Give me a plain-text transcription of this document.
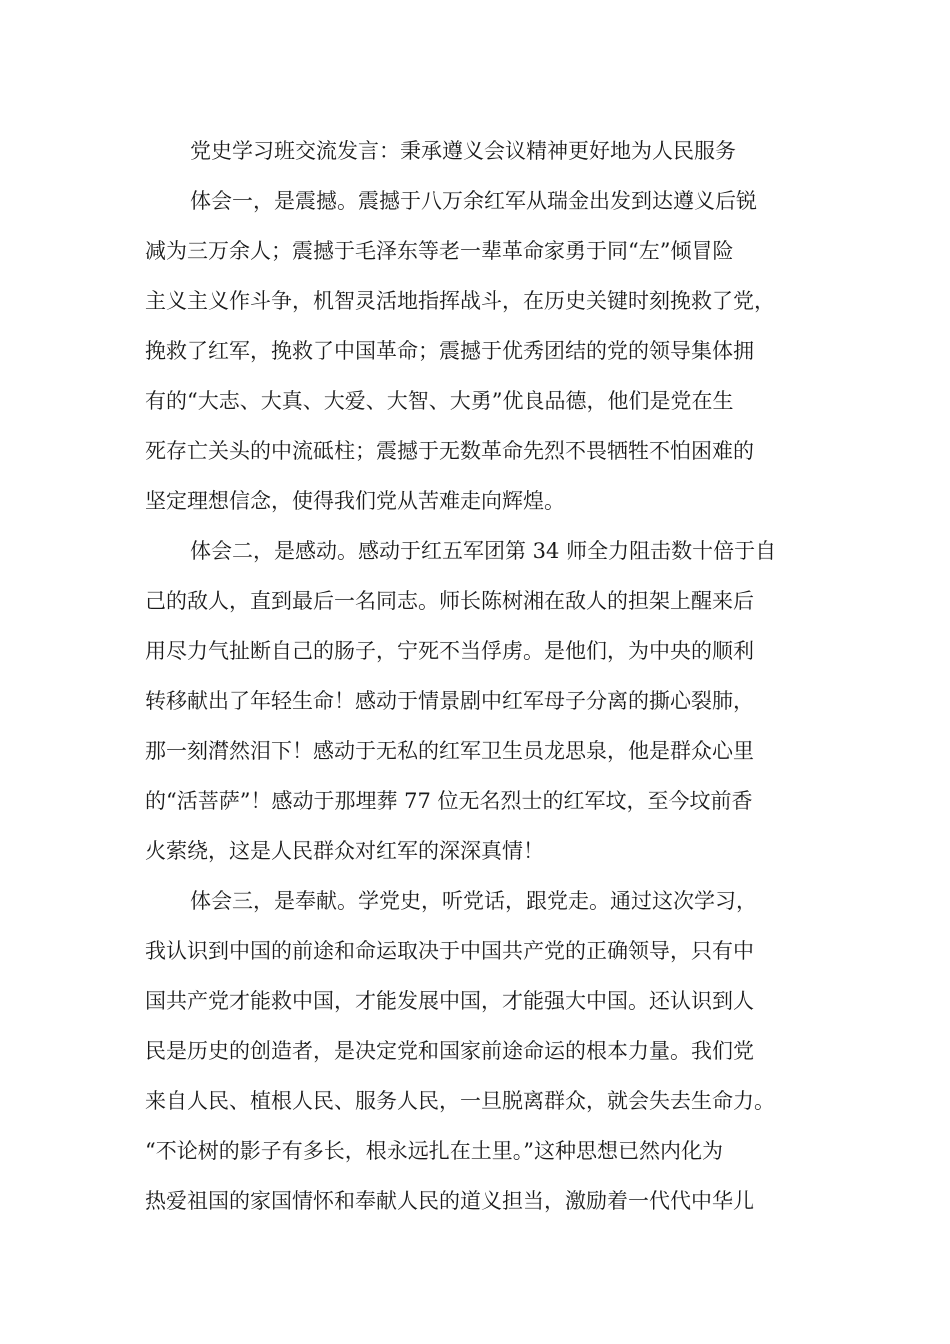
党史学习班交流发言：秉承遵义会议精神更好地为人民服务
体会一，是震撼。震撼于八万余红军从瑞金出发到达遵义后锐
减为三万余人；震撼于毛泽东等老一辈革命家勇于同“左”倾冒险
主义主义作斗争，机智灵活地指挥战斗，在历史关键时刻挽救了党，
挽救了红军，挽救了中国革命；震撼于优秀团结的党的领导集体拥
有的“大志、大真、大爱、大智、大勇”优良品德，他们是党在生
死存亡关头的中流砥柱；震撼于无数革命先烈不畏牺牲不怕困难的
坚定理想信念，使得我们党从苦难走向辉煌。
体会二，是感动。感动于红五军团第 34 师全力阻击数十倍于自
己的敌人，直到最后一名同志。师长陈树湘在敌人的担架上醒来后
用尽力气扯断自己的肠子，宁死不当俘虏。是他们，为中央的顺利
转移献出了年轻生命！感动于情景剧中红军母子分离的撕心裂肺，
那一刻潸然泪下！感动于无私的红军卫生员龙思泉，他是群众心里
的“活菩萨”！感动于那埋葬 77 位无名烈士的红军坟，至今坟前香
火萦绕，这是人民群众对红军的深深真情！
体会三，是奉献。学党史，听党话，跟党走。通过这次学习，
我认识到中国的前途和命运取决于中国共产党的正确领导，只有中
国共产党才能救中国，才能发展中国，才能强大中国。还认识到人
民是历史的创造者，是决定党和国家前途命运的根本力量。我们党
来自人民、植根人民、服务人民，一旦脱离群众，就会失去生命力。
“不论树的影子有多长，根永远扎在土里。”这种思想已然内化为
热爱祖国的家国情怀和奉献人民的道义担当，激励着一代代中华儿
